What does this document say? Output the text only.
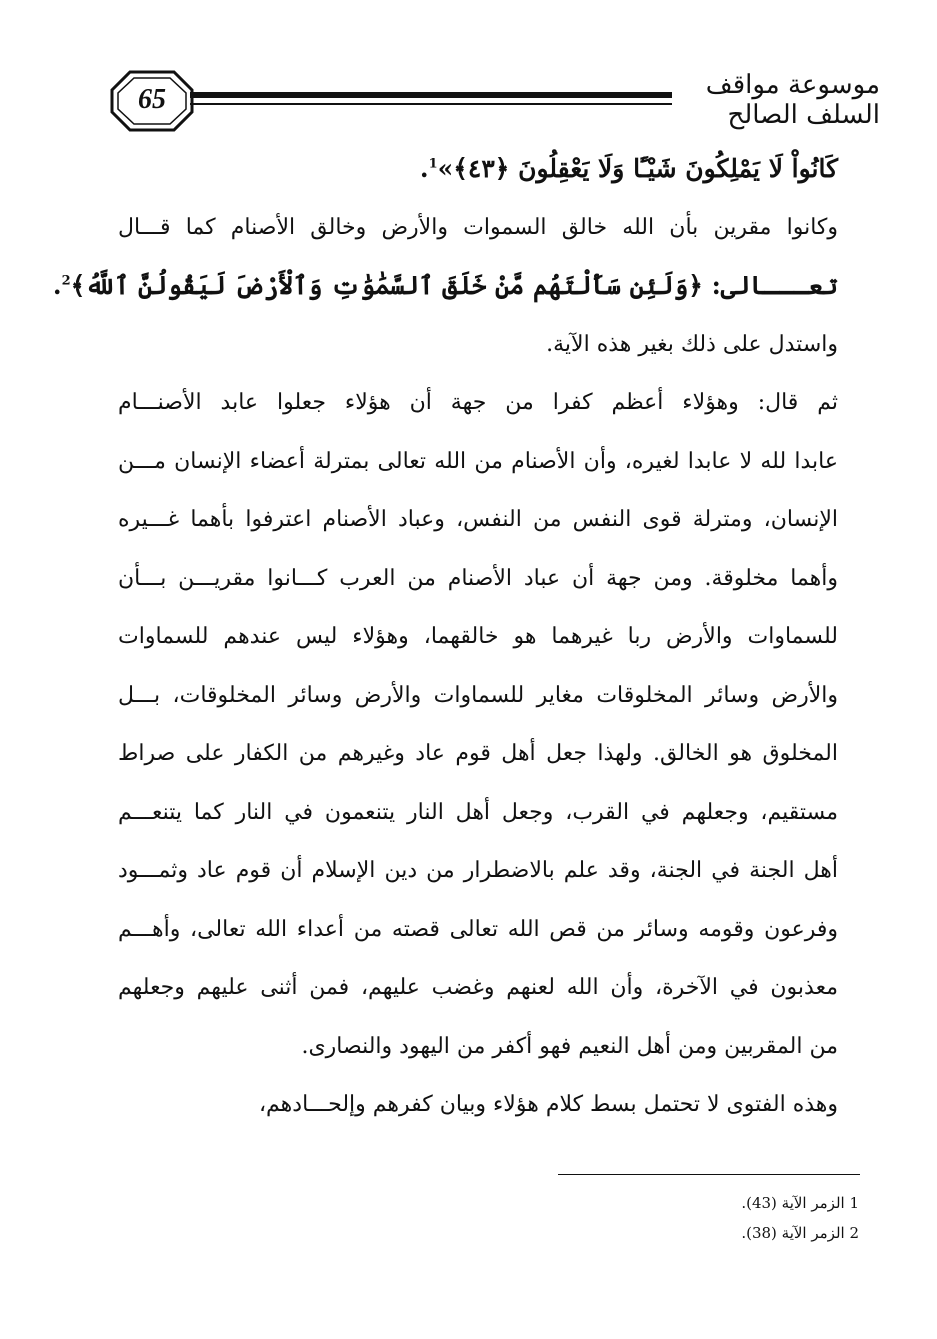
65	موسوعة مواقف السلف الصالح
كَانُواْ لَا يَمْلِكُونَ شَيْـًٔا وَلَا يَعْقِلُونَ ﴿٤٣﴾»$^1$.
وكانوا مقرين بأن الله خالق السموات والأرض وخالق الأصنام كما قـــال
تعـــالى: ﴿وَلَئِن سَأَلْتَهُم مَّنْ خَلَقَ ٱلسَّمَٰوَٰتِ وَٱلْأَرْضَ لَيَقُولُنَّ ٱللَّهُ﴾$^2$.
واستدل على ذلك بغير هذه الآية.
ثم قال: وهؤلاء أعظم كفرا من جهة أن هؤلاء جعلوا عابد الأصنـــام
عابدا لله لا عابدا لغيره، وأن الأصنام من الله تعالى بمترلة أعضاء الإنسان مـــن
الإنسان، ومترلة قوى النفس من النفس، وعباد الأصنام اعترفوا بأهما غـــيره
وأهما مخلوقة. ومن جهة أن عباد الأصنام من العرب كـــانوا مقريـــن بـــأن
للسماوات والأرض ربا غيرهما هو خالقهما، وهؤلاء ليس عندهم للسماوات
والأرض وسائر المخلوقات مغاير للسماوات والأرض وسائر المخلوقات، بـــل
المخلوق هو الخالق. ولهذا جعل أهل قوم عاد وغيرهم من الكفار على صراط
مستقيم، وجعلهم في القرب، وجعل أهل النار يتنعمون في النار كما يتنعـــم
أهل الجنة في الجنة، وقد علم بالاضطرار من دين الإسلام أن قوم عاد وثمـــود
وفرعون وقومه وسائر من قص الله تعالى قصته من أعداء الله تعالى، وأهـــم
معذبون في الآخرة، وأن الله لعنهم وغضب عليهم، فمن أثنى عليهم وجعلهم
من المقربين ومن أهل النعيم فهو أكفر من اليهود والنصارى.
وهذه الفتوى لا تحتمل بسط كلام هؤلاء وبيان كفرهم وإلحـــادهم،
1 الزمر الآية (43).
2 الزمر الآية (38).
